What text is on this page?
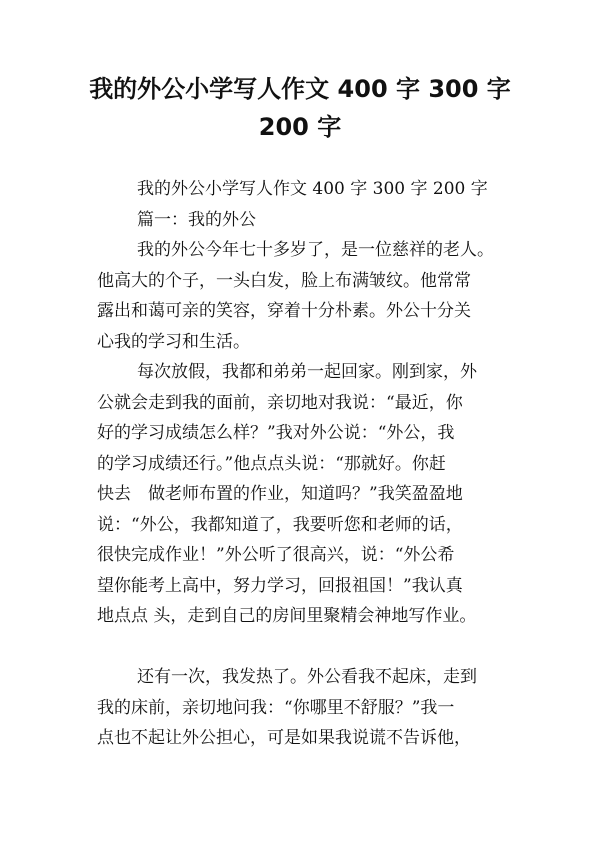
我的外公小学写人作文 400 字 300 字
200 字
我的外公小学写人作文 400 字 300 字 200 字
篇一：我的外公
我的外公今年七十多岁了，是一位慈祥的老人。
他高大的个子，一头白发，脸上布满皱纹。他常常
露出和蔼可亲的笑容，穿着十分朴素。外公十分关
心我的学习和生活。
每次放假，我都和弟弟一起回家。刚到家，外
公就会走到我的面前，亲切地对我说：“最近，你
好的学习成绩怎么样？”我对外公说：“外公，我
的学习成绩还行。”他点点头说：“那就好。你赶
快去　做老师布置的作业，知道吗？”我笑盈盈地
说：“外公，我都知道了，我要听您和老师的话，
很快完成作业！”外公听了很高兴，说：“外公希
望你能考上高中，努力学习，回报祖国！”我认真
地点点 头，走到自己的房间里聚精会神地写作业。
还有一次，我发热了。外公看我不起床，走到
我的床前，亲切地问我：“你哪里不舒服？”我一
点也不起让外公担心，可是如果我说谎不告诉他，
